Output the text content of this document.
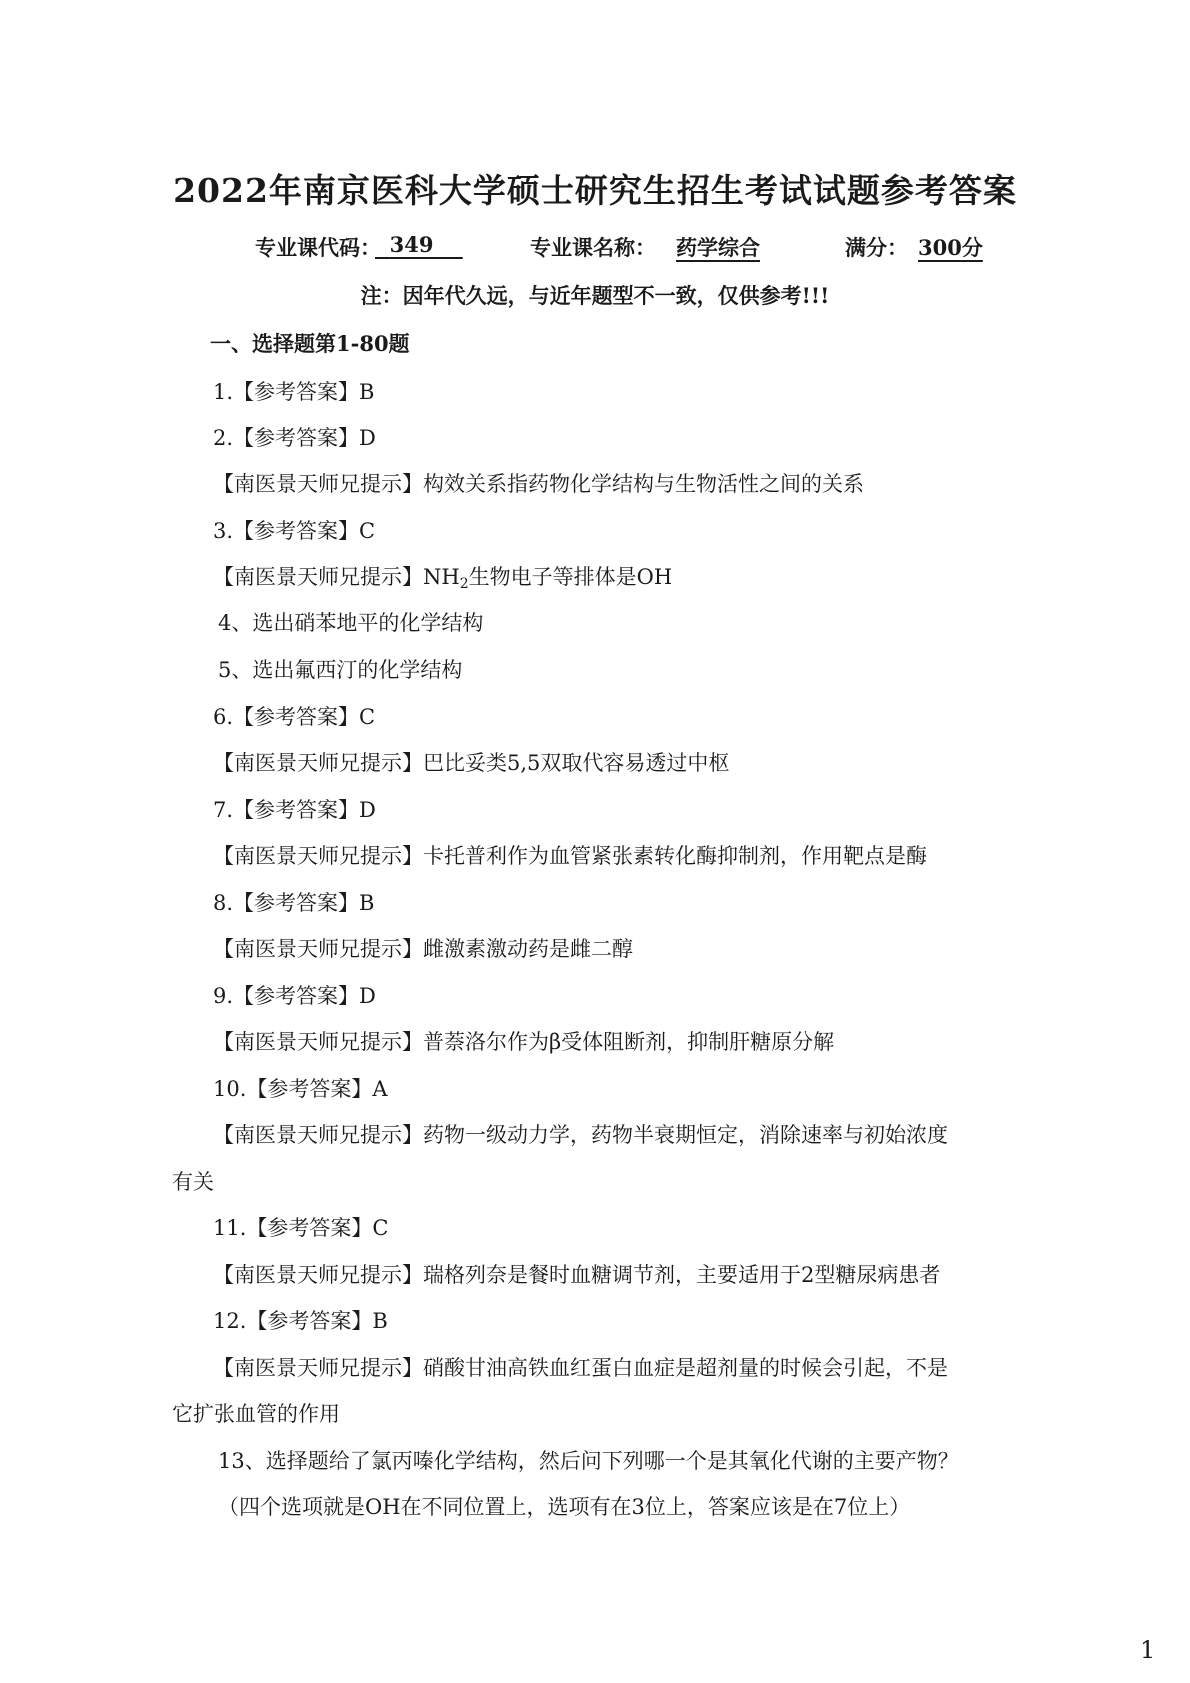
2022年南京医科大学硕士研究生招生考试试题参考答案
专业课代码： 349	专业课名称： 药学综合	满分： 300分
注：因年代久远，与近年题型不一致，仅供参考!!!
一、选择题第1-80题
1.【参考答案】B
2.【参考答案】D
【南医景天师兄提示】构效关系指药物化学结构与生物活性之间的关系
3.【参考答案】C
【南医景天师兄提示】$NH_2$生物电子等排体是OH
4、选出硝苯地平的化学结构
5、选出氟西汀的化学结构
6.【参考答案】C
【南医景天师兄提示】巴比妥类5,5双取代容易透过中枢
7.【参考答案】D
【南医景天师兄提示】卡托普利作为血管紧张素转化酶抑制剂，作用靶点是酶
8.【参考答案】B
【南医景天师兄提示】雌激素激动药是雌二醇
9.【参考答案】D
【南医景天师兄提示】普萘洛尔作为β受体阻断剂，抑制肝糖原分解
10.【参考答案】A
【南医景天师兄提示】药物一级动力学，药物半衰期恒定，消除速率与初始浓度
有关
11.【参考答案】C
【南医景天师兄提示】瑞格列奈是餐时血糖调节剂，主要适用于2型糖尿病患者
12.【参考答案】B
【南医景天师兄提示】硝酸甘油高铁血红蛋白血症是超剂量的时候会引起，不是
它扩张血管的作用
13、选择题给了氯丙嗪化学结构，然后问下列哪一个是其氧化代谢的主要产物？
（四个选项就是OH在不同位置上，选项有在3位上，答案应该是在7位上）
1
